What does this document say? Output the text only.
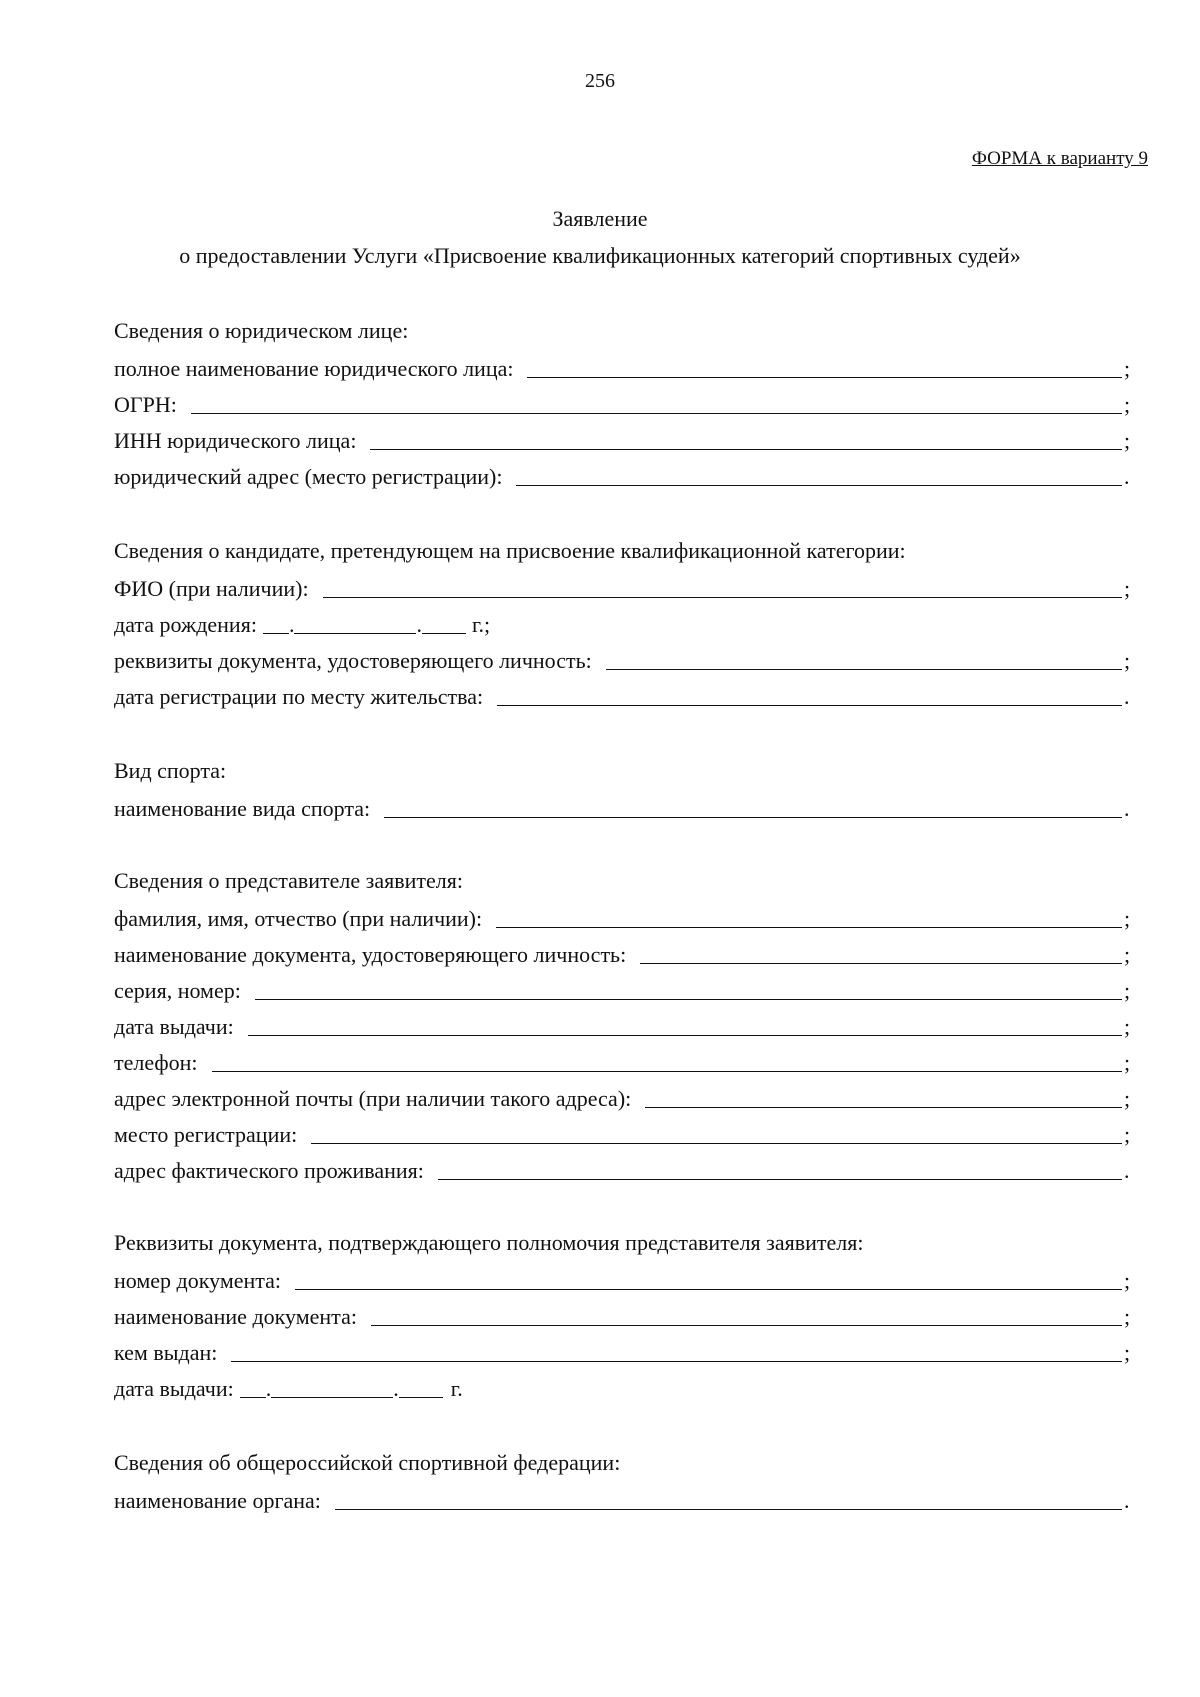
256
ФОРМА к варианту 9
Заявление
о предоставлении Услуги «Присвоение квалификационных категорий спортивных судей»
Сведения о юридическом лице:
полное наименование юридического лица:	;
ОГРН:	;
ИНН юридического лица:	;
юридический адрес (место регистрации):	.
Сведения о кандидате, претендующем на присвоение квалификационной категории:
ФИО (при наличии):	;
дата рождения: .	. г.;
реквизиты документа, удостоверяющего личность:	;
дата регистрации по месту жительства:	.
Вид спорта:
наименование вида спорта:	.
Сведения о представителе заявителя:
фамилия, имя, отчество (при наличии):	;
наименование документа, удостоверяющего личность:	;
серия, номер:	;
дата выдачи:	;
телефон:	;
адрес электронной почты (при наличии такого адреса):	;
место регистрации:	;
адрес фактического проживания:	.
Реквизиты документа, подтверждающего полномочия представителя заявителя:
номер документа:	;
наименование документа:	;
кем выдан:	;
дата выдачи: .	. г.
Сведения об общероссийской спортивной федерации:
наименование органа:	.
